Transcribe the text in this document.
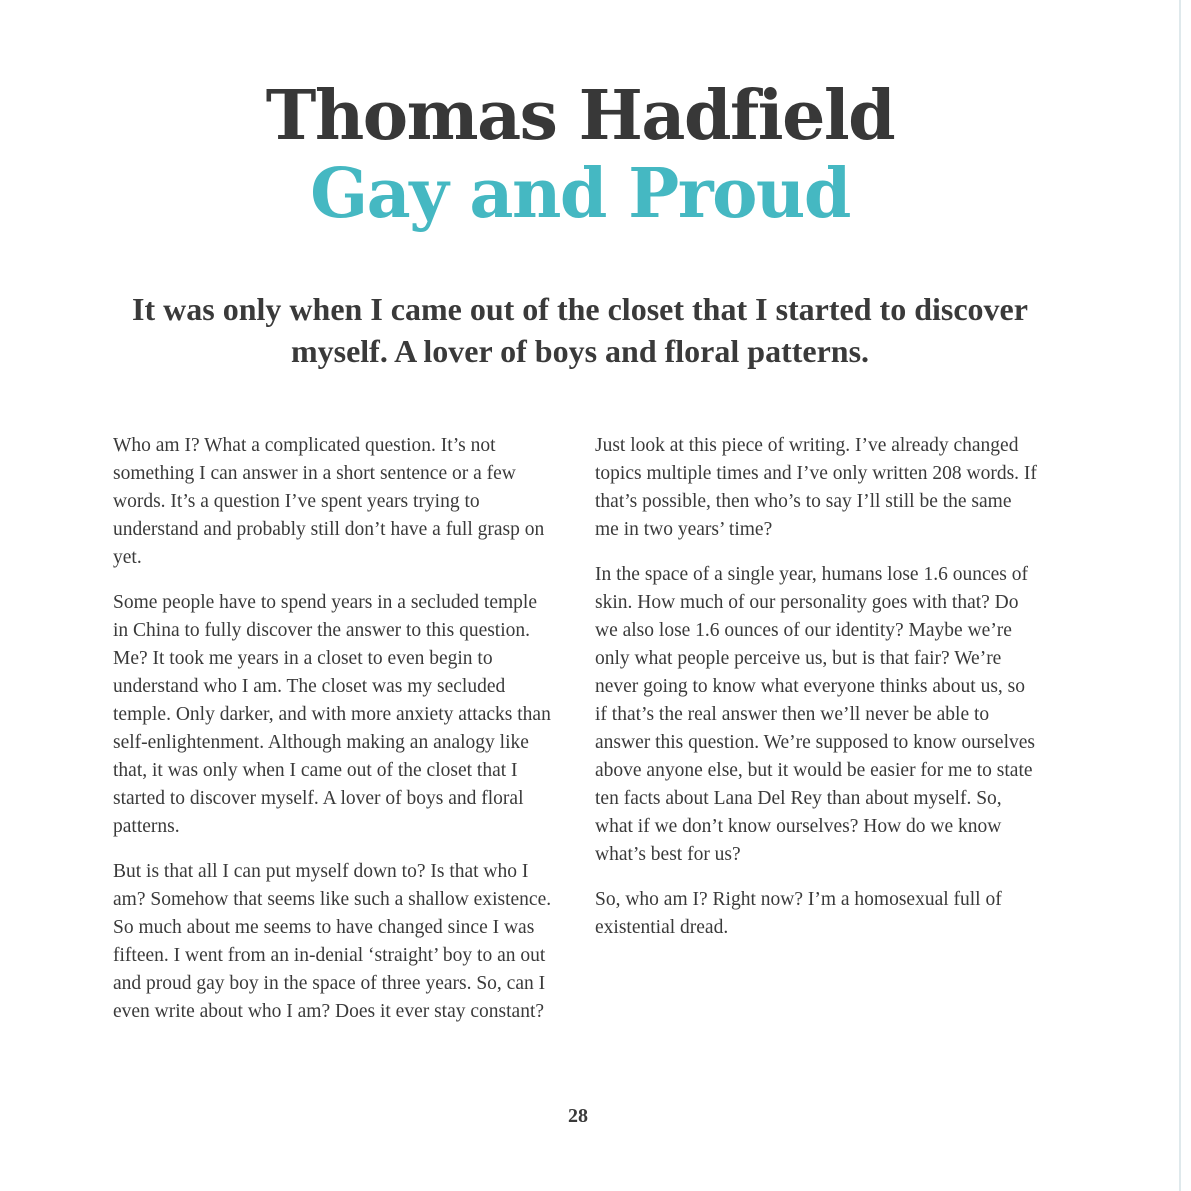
Thomas Hadfield
Gay and Proud

It was only when I came out of the closet that I started to discover myself. A lover of boys and floral patterns.

Who am I? What a complicated question. It’s not something I can answer in a short sentence or a few words. It’s a question I’ve spent years trying to understand and probably still don’t have a full grasp on yet.

Some people have to spend years in a secluded temple in China to fully discover the answer to this question. Me? It took me years in a closet to even begin to understand who I am. The closet was my secluded temple. Only darker, and with more anxiety attacks than self-enlightenment. Although making an analogy like that, it was only when I came out of the closet that I started to discover myself. A lover of boys and floral patterns.

But is that all I can put myself down to? Is that who I am? Somehow that seems like such a shallow existence. So much about me seems to have changed since I was fifteen. I went from an in-denial ‘straight’ boy to an out and proud gay boy in the space of three years. So, can I even write about who I am? Does it ever stay constant?

Just look at this piece of writing. I’ve already changed topics multiple times and I’ve only written 208 words. If that’s possible, then who’s to say I’ll still be the same me in two years’ time?

In the space of a single year, humans lose 1.6 ounces of skin. How much of our personality goes with that? Do we also lose 1.6 ounces of our identity? Maybe we’re only what people perceive us, but is that fair? We’re never going to know what everyone thinks about us, so if that’s the real answer then we’ll never be able to answer this question. We’re supposed to know ourselves above anyone else, but it would be easier for me to state ten facts about Lana Del Rey than about myself. So, what if we don’t know ourselves? How do we know what’s best for us?

So, who am I? Right now? I’m a homosexual full of existential dread.

28
